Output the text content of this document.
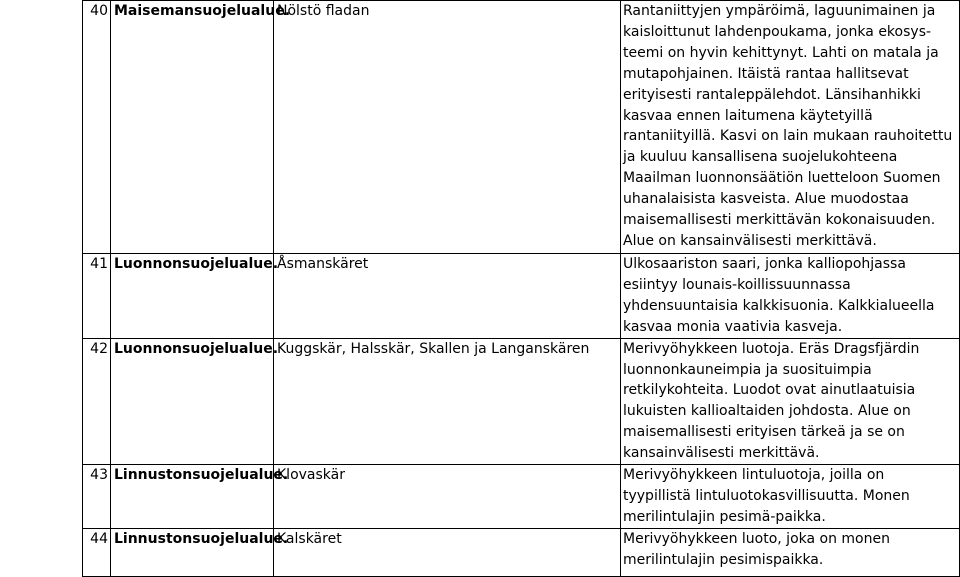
40	Maisemansuojelualue.	Nölstö fladan	Rantaniittyjen ympäröimä, laguunimainen ja kaisloittunut lahdenpoukama, jonka ekosys-teemi on hyvin kehittynyt. Lahti on matala ja mutapohjainen. Itäistä rantaa hallitsevat erityisesti rantaleppälehdot. Länsihanhikki kasvaa ennen laitumena käytetyillä rantaniityillä. Kasvi on lain mukaan rauhoitettu ja kuuluu kansallisena suojelukohteena Maailman luonnonsäätiön luetteloon Suomen uhanalaisista kasveista. Alue muodostaa maisemallisesti merkittävän kokonaisuuden. Alue on kansainvälisesti merkittävä.
41	Luonnonsuojelualue.	Åsmanskäret	Ulkosaariston saari, jonka kalliopohjassa esiintyy lounais-koillissuunnassa yhdensuuntaisia kalkkisuonia. Kalkkialueella kasvaa monia vaativia kasveja.
42	Luonnonsuojelualue.	Kuggskär, Halsskär, Skallen ja Langanskären	Merivyöhykkeen luotoja. Eräs Dragsfjärdin luonnonkauneimpia ja suosituimpia retkilykohteita. Luodot ovat ainutlaatuisia lukuisten kallioaltaiden johdosta. Alue on maisemallisesti erityisen tärkeä ja se on kansainvälisesti merkittävä.
43	Linnustonsuojelualue.	Klovaskär	Merivyöhykkeen lintuluotoja, joilla on tyypillistä lintuluotokasvillisuutta. Monen merilintulajin pesimä-paikka.
44	Linnustonsuojelualue.	Kalskäret	Merivyöhykkeen luoto, joka on monen merilintulajin pesimispaikka.
